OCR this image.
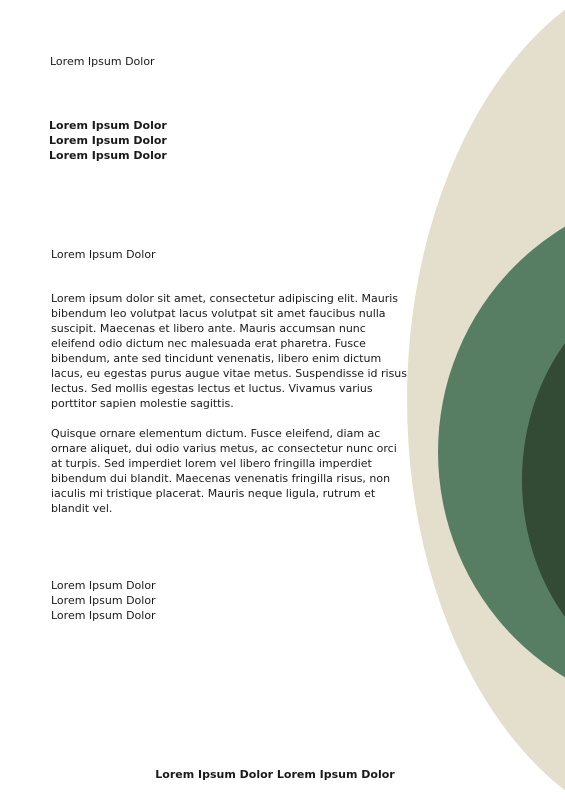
Lorem Ipsum Dolor
Lorem Ipsum Dolor
Lorem Ipsum Dolor
Lorem Ipsum Dolor
Lorem Ipsum Dolor

Lorem ipsum dolor sit amet, consectetur adipiscing elit. Mauris bibendum leo volutpat lacus volutpat sit amet faucibus nulla suscipit. Maecenas et libero ante. Mauris accumsan nunc eleifend odio dictum nec malesuada erat pharetra. Fusce bibendum, ante sed tincidunt venenatis, libero enim dictum lacus, eu egestas purus augue vitae metus. Suspendisse id risus lectus. Sed mollis egestas lectus et luctus. Vivamus varius porttitor sapien molestie sagittis.

Quisque ornare elementum dictum. Fusce eleifend, diam ac ornare aliquet, dui odio varius metus, ac consectetur nunc orci at turpis. Sed imperdiet lorem vel libero fringilla imperdiet bibendum dui blandit. Maecenas venenatis fringilla risus, non iaculis mi tristique placerat. Mauris neque ligula, rutrum et blandit vel.

Lorem Ipsum Dolor
Lorem Ipsum Dolor
Lorem Ipsum Dolor
Lorem Ipsum Dolor Lorem Ipsum Dolor
